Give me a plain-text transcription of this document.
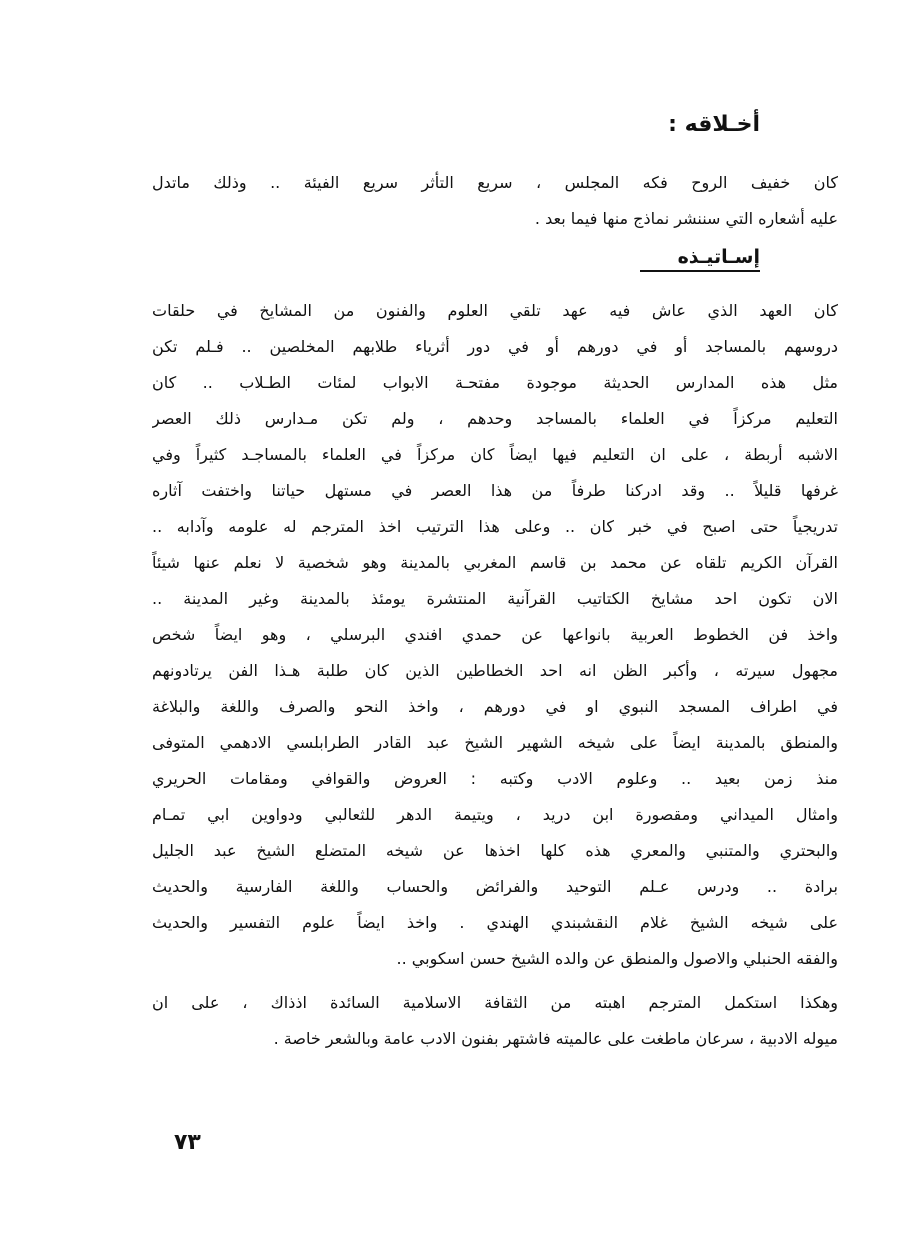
أخـلاقه :

كان خفيف الروح فكه المجلس ، سريع التأثر سريع الفيئة .. وذلك ماتدل

عليه أشعاره التي سننشر نماذج منها فيما بعد .

إسـاتيـذه

كان العهد الذي عاش فيه عهد تلقي العلوم والفنون من المشايخ في حلقات

دروسهم بالمساجد أو في دورهم أو في دور أثرياء طلابهم المخلصين .. فـلم تكن

مثل هذه المدارس الحديثة موجودة مفتحـة الابواب لمئات الطـلاب .. كان

التعليم مركزاً في العلماء بالمساجد وحدهم ، ولم تكن مـدارس ذلك العصر

الاشبه أربطة ، على ان التعليم فيها ايضاً كان مركزاً في العلماء بالمساجـد كثيراً وفي

غرفها قليلاً .. وقد ادركنا طرفاً من هذا العصر في مستهل حياتنا واختفت آثاره

تدريجياً حتى اصبح في خبر كان .. وعلى هذا الترتيب اخذ المترجم له علومه وآدابه ..

القرآن الكريم تلقاه عن محمد بن قاسم المغربي بالمدينة وهو شخصية لا نعلم عنها شيئاً

الان تكون احد مشايخ الكتاتيب القرآنية المنتشرة يومئذ بالمدينة وغير المدينة ..

واخذ فن الخطوط العربية بانواعها عن حمدي افندي البرسلي ، وهو ايضاً شخص

مجهول سيرته ، وأكبر الظن انه احد الخطاطين الذين كان طلبة هـذا الفن يرتادونهم

في اطراف المسجد النبوي او في دورهم ، واخذ النحو والصرف واللغة والبلاغة

والمنطق بالمدينة ايضاً على شيخه الشهير الشيخ عبد القادر الطرابلسي الادهمي المتوفى

منذ زمن بعيد .. وعلوم الادب وكتبه : العروض والقوافي ومقامات الحريري

وامثال الميداني ومقصورة ابن دريد ، ويتيمة الدهر للثعالبي ودواوين ابي تمـام

والبحتري والمتنبي والمعري هذه كلها اخذها عن شيخه المتضلع الشيخ عبد الجليل

برادة .. ودرس عـلم التوحيد والفرائض والحساب واللغة الفارسية والحديث

على شيخه الشيخ غلام النقشبندي الهندي . واخذ ايضاً علوم التفسير والحديث

والفقه الحنبلي والاصول والمنطق عن والده الشيخ حسن اسكوبي ..

وهكذا استكمل المترجم اهبته من الثقافة الاسلامية السائدة اذذاك ، على ان

ميوله الادبية ، سرعان ماطغت على عالميته فاشتهر بفنون الادب عامة وبالشعر خاصة .

٧٣
